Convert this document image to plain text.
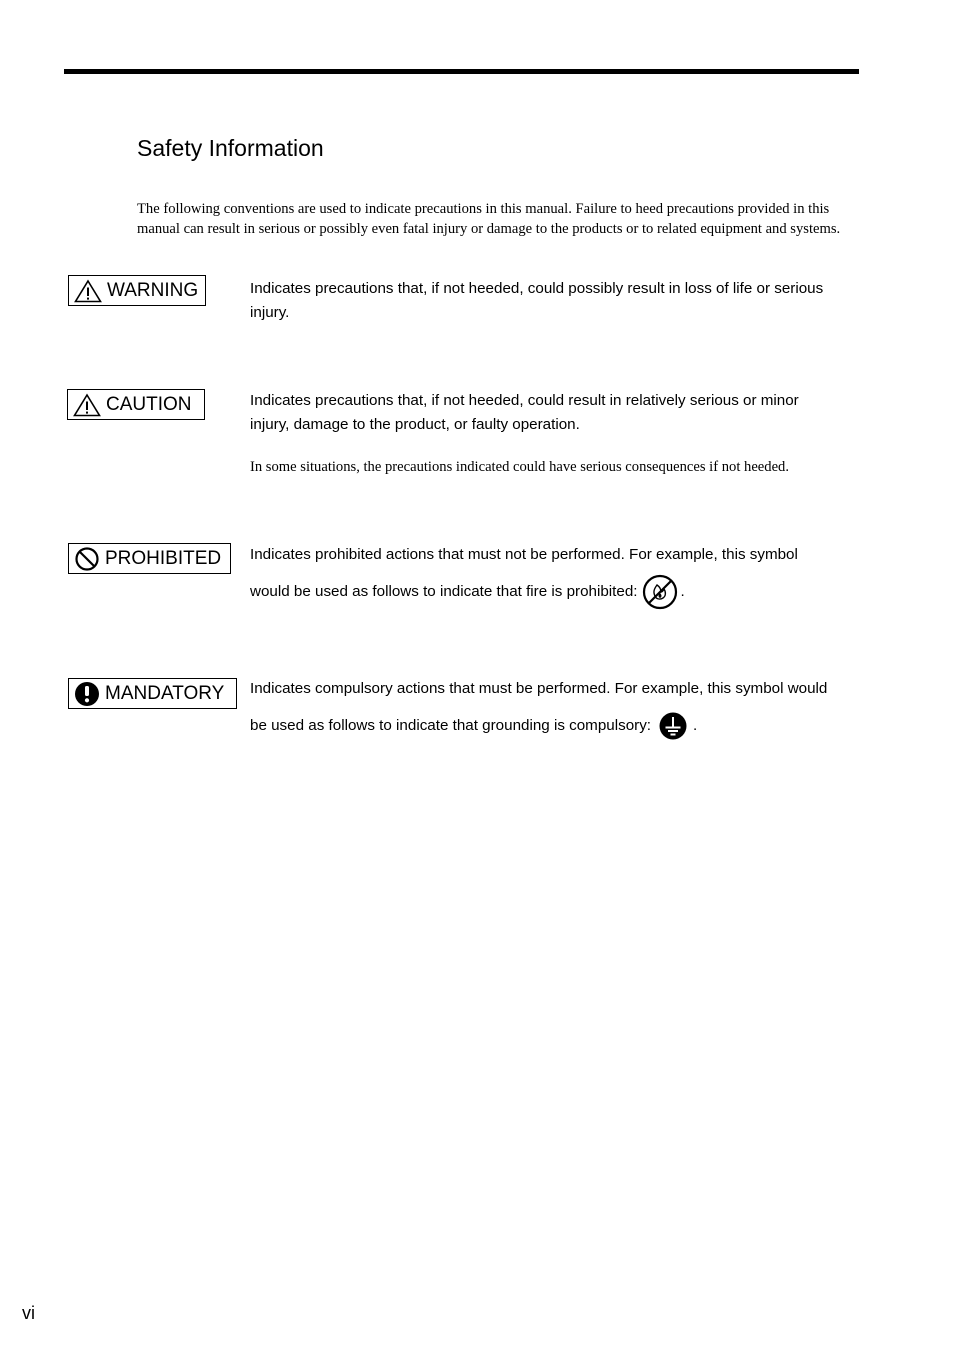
Safety Information
The following conventions are used to indicate precautions in this manual. Failure to heed precautions provided in this manual can result in serious or possibly even fatal injury or damage to the products or to related equipment and systems.
WARNING	Indicates precautions that, if not heeded, could possibly result in loss of life or serious
injury.
CAUTION	Indicates precautions that, if not heeded, could result in relatively serious or minor
injury, damage to the product, or faulty operation.
In some situations, the precautions indicated could have serious consequences if not heeded.
PROHIBITED Indicates prohibited actions that must not be performed. For example, this symbol
would be used as follows to indicate that fire is prohibited:	.
MANDATORY Indicates compulsory actions that must be performed. For example, this symbol would
be used as follows to indicate that grounding is compulsory:	.
vi
